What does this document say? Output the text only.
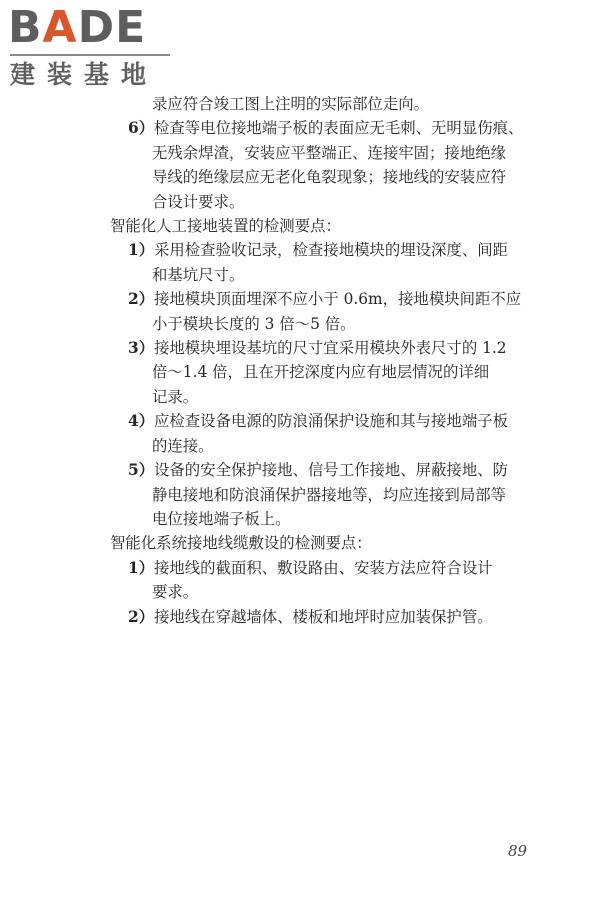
BADE
建装基地
录应符合竣工图上注明的实际部位走向。
6）检查等电位接地端子板的表面应无毛刺、无明显伤痕、
无残余焊渣，安装应平整端正、连接牢固；接地绝缘
导线的绝缘层应无老化龟裂现象；接地线的安装应符
合设计要求。
智能化人工接地装置的检测要点：
1）采用检查验收记录，检查接地模块的埋设深度、间距
和基坑尺寸。
2）接地模块顶面埋深不应小于 0.6m，接地模块间距不应
小于模块长度的 3 倍～5 倍。
3）接地模块埋设基坑的尺寸宜采用模块外表尺寸的 1.2
倍～1.4 倍，且在开挖深度内应有地层情况的详细
记录。
4）应检查设备电源的防浪涌保护设施和其与接地端子板
的连接。
5）设备的安全保护接地、信号工作接地、屏蔽接地、防
静电接地和防浪涌保护器接地等，均应连接到局部等
电位接地端子板上。
智能化系统接地线缆敷设的检测要点：
1）接地线的截面积、敷设路由、安装方法应符合设计
要求。
2）接地线在穿越墙体、楼板和地坪时应加装保护管。
89
